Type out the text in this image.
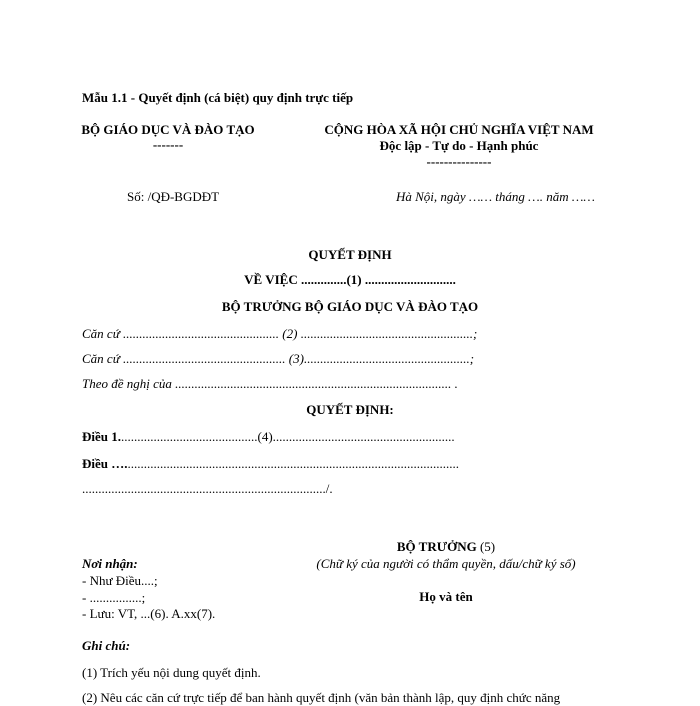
Mẫu 1.1 - Quyết định (cá biệt) quy định trực tiếp
BỘ GIÁO DỤC VÀ ĐÀO TẠO
-------
CỘNG HÒA XÃ HỘI CHỦ NGHĨA VIỆT NAM
Độc lập - Tự do - Hạnh phúc
---------------
Số: /QĐ-BGDĐT	Hà Nội, ngày …… tháng …. năm ……
QUYẾT ĐỊNH
VỀ VIỆC ..............(1) ............................
BỘ TRƯỞNG BỘ GIÁO DỤC VÀ ĐÀO TẠO
Căn cứ ................................................ (2) .....................................................;
Căn cứ .................................................. (3)...................................................;
Theo đề nghị của ..................................................................................... .
QUYẾT ĐỊNH:
Điều 1...........................................(4)........................................................
Điều ….......................................................................................................
.........................................................................../.
Nơi nhận:
- Như Điều....;
- ................;
- Lưu: VT, ...(6). A.xx(7).
BỘ TRƯỞNG (5)
(Chữ ký của người có thẩm quyền, dấu/chữ ký số)
Họ và tên
Ghi chú:
(1) Trích yếu nội dung quyết định.
(2) Nêu các căn cứ trực tiếp để ban hành quyết định (văn bản thành lập, quy định chức năng
